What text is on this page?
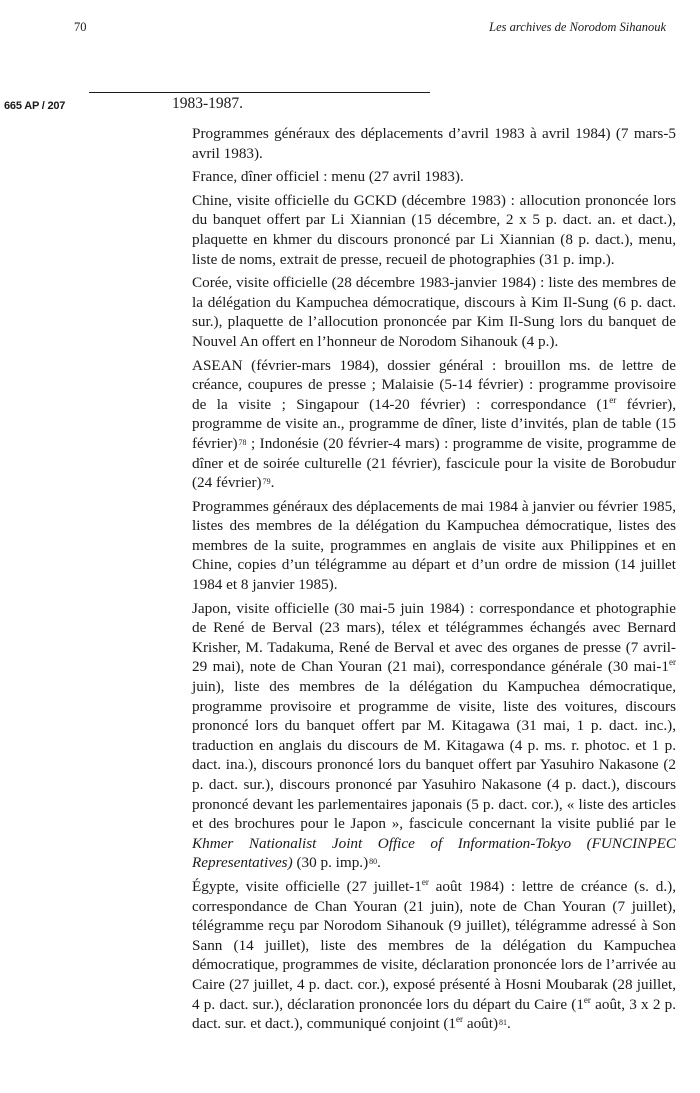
70	Les archives de Norodom Sihanouk
665 AP / 207	1983-1987.

Programmes généraux des déplacements d’avril 1983 à avril 1984) (7 mars-5 avril 1983).

France, dîner officiel : menu (27 avril 1983).

Chine, visite officielle du GCKD (décembre 1983) : allocution prononcée lors du banquet offert par Li Xiannian (15 décembre, 2 x 5 p. dact. an. et dact.), plaquette en khmer du discours prononcé par Li Xiannian (8 p. dact.), menu, liste de noms, extrait de presse, recueil de photographies (31 p. imp.).

Corée, visite officielle (28 décembre 1983-janvier 1984) : liste des membres de la délégation du Kampuchea démocratique, discours à Kim Il-Sung (6 p. dact. sur.), plaquette de l’allocution prononcée par Kim Il-Sung lors du banquet de Nouvel An offert en l’honneur de Norodom Sihanouk (4 p.).

ASEAN (février-mars 1984), dossier général : brouillon ms. de lettre de créance, coupures de presse ; Malaisie (5-14 février) : programme provisoire de la visite ; Singapour (14-20 février) : correspondance (1er février), programme de visite an., programme de dîner, liste d’invités, plan de table (15 février)78 ; Indonésie (20 février-4 mars) : programme de visite, programme de dîner et de soirée culturelle (21 février), fascicule pour la visite de Borobudur (24 février)79.

Programmes généraux des déplacements de mai 1984 à janvier ou février 1985, listes des membres de la délégation du Kampuchea démocratique, listes des membres de la suite, programmes en anglais de visite aux Philippines et en Chine, copies d’un télégramme au départ et d’un ordre de mission (14 juillet 1984 et 8 janvier 1985).

Japon, visite officielle (30 mai-5 juin 1984) : correspondance et photographie de René de Berval (23 mars), télex et télégrammes échangés avec Bernard Krisher, M. Tadakuma, René de Berval et avec des organes de presse (7 avril-29 mai), note de Chan Youran (21 mai), correspondance générale (30 mai-1er juin), liste des membres de la délégation du Kampuchea démocratique, programme provisoire et programme de visite, liste des voitures, discours prononcé lors du banquet offert par M. Kitagawa (31 mai, 1 p. dact. inc.), traduction en anglais du discours de M. Kitagawa (4 p. ms. r. photoc. et 1 p. dact. ina.), discours prononcé lors du banquet offert par Yasuhiro Nakasone (2 p. dact. sur.), discours prononcé par Yasuhiro Nakasone (4 p. dact.), discours prononcé devant les parlementaires japonais (5 p. dact. cor.), « liste des articles et des brochures pour le Japon », fascicule concernant la visite publié par le Khmer Nationalist Joint Office of Information-Tokyo (FUNCINPEC Representatives) (30 p. imp.)80.

Égypte, visite officielle (27 juillet-1er août 1984) : lettre de créance (s. d.), correspondance de Chan Youran (21 juin), note de Chan Youran (7 juillet), télégramme reçu par Norodom Sihanouk (9 juillet), télégramme adressé à Son Sann (14 juillet), liste des membres de la délégation du Kampuchea démocratique, programmes de visite, déclaration prononcée lors de l’arrivée au Caire (27 juillet, 4 p. dact. cor.), exposé présenté à Hosni Moubarak (28 juillet, 4 p. dact. sur.), déclaration prononcée lors du départ du Caire (1er août, 3 x 2 p. dact. sur. et dact.), communiqué conjoint (1er août)81.
